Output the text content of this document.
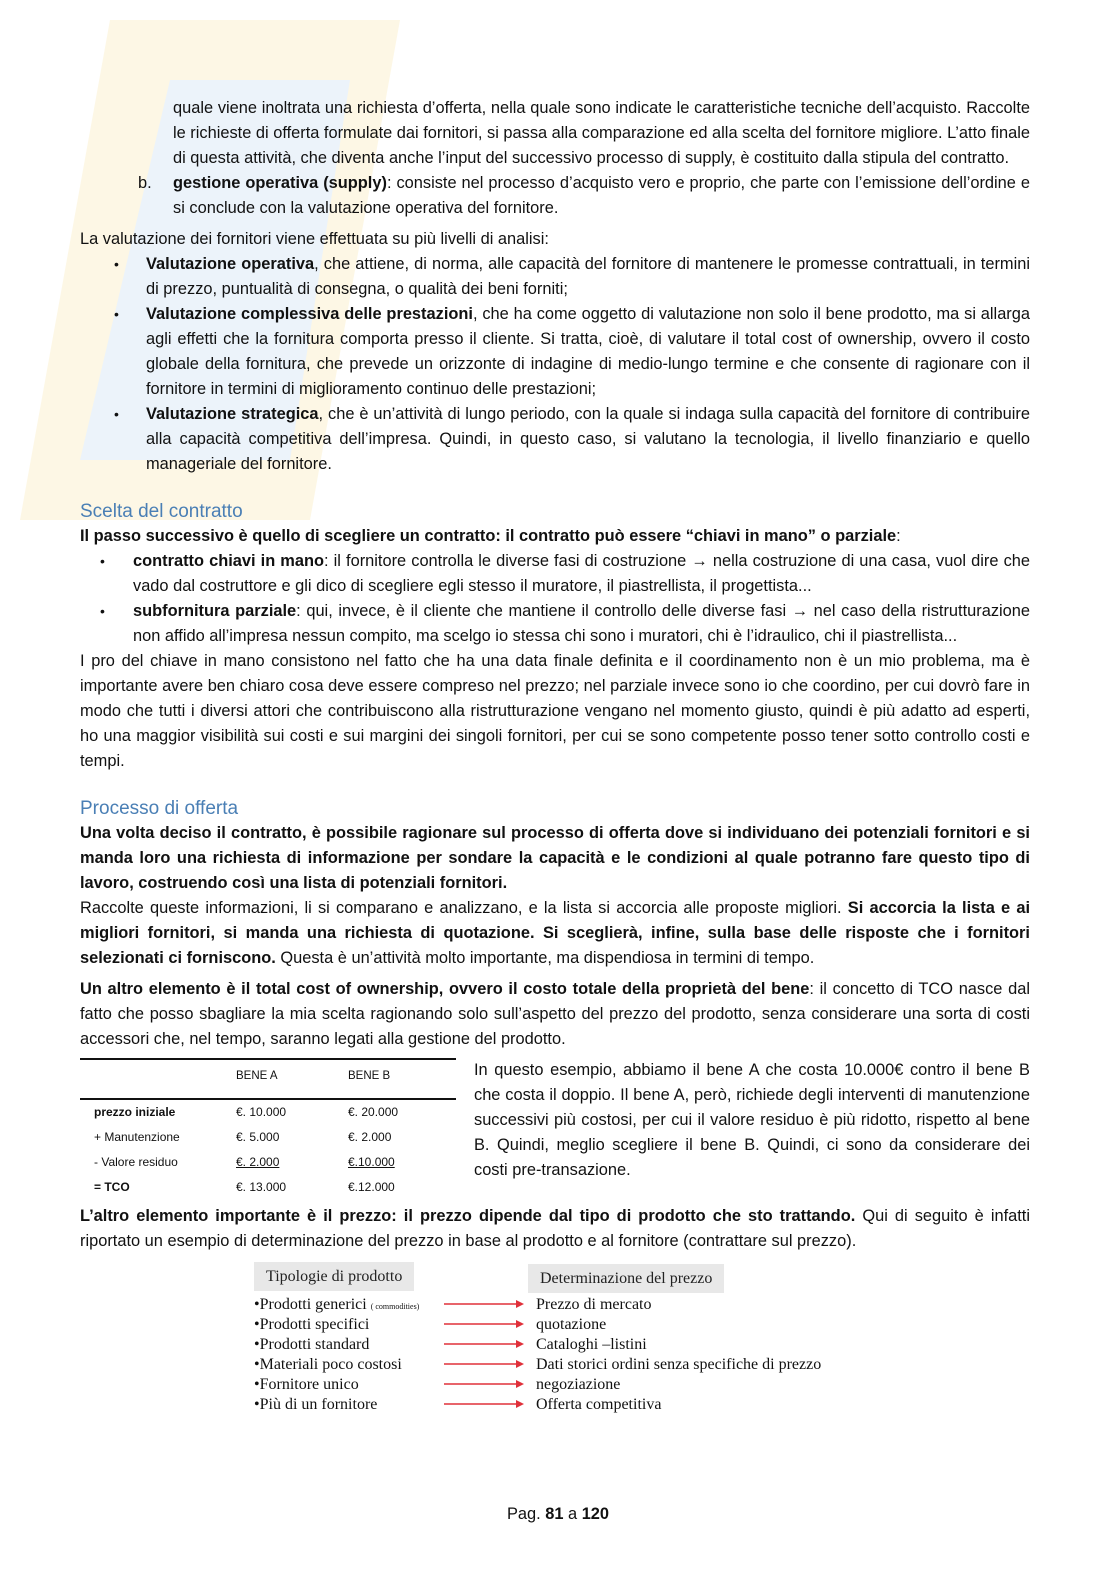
quale viene inoltrata una richiesta d’offerta, nella quale sono indicate le caratteristiche tecniche dell’acquisto. Raccolte le richieste di offerta formulate dai fornitori, si passa alla comparazione ed alla scelta del fornitore migliore. L’atto finale di questa attività, che diventa anche l’input del successivo processo di supply, è costituito dalla stipula del contratto.

b. gestione operativa (supply): consiste nel processo d’acquisto vero e proprio, che parte con l’emissione dell’ordine e si conclude con la valutazione operativa del fornitore.

La valutazione dei fornitori viene effettuata su più livelli di analisi:

• Valutazione operativa, che attiene, di norma, alle capacità del fornitore di mantenere le promesse contrattuali, in termini di prezzo, puntualità di consegna, o qualità dei beni forniti;
• Valutazione complessiva delle prestazioni, che ha come oggetto di valutazione non solo il bene prodotto, ma si allarga agli effetti che la fornitura comporta presso il cliente. Si tratta, cioè, di valutare il total cost of ownership, ovvero il costo globale della fornitura, che prevede un orizzonte di indagine di medio-lungo termine e che consente di ragionare con il fornitore in termini di miglioramento continuo delle prestazioni;
• Valutazione strategica, che è un’attività di lungo periodo, con la quale si indaga sulla capacità del fornitore di contribuire alla capacità competitiva dell’impresa. Quindi, in questo caso, si valutano la tecnologia, il livello finanziario e quello manageriale del fornitore.
Scelta del contratto

Il passo successivo è quello di scegliere un contratto: il contratto può essere “chiavi in mano” o parziale:

• contratto chiavi in mano: il fornitore controlla le diverse fasi di costruzione → nella costruzione di una casa, vuol dire che vado dal costruttore e gli dico di scegliere egli stesso il muratore, il piastrellista, il progettista...
• subfornitura parziale: qui, invece, è il cliente che mantiene il controllo delle diverse fasi → nel caso della ristrutturazione non affido all’impresa nessun compito, ma scelgo io stessa chi sono i muratori, chi è l’idraulico, chi il piastrellista...

I pro del chiave in mano consistono nel fatto che ha una data finale definita e il coordinamento non è un mio problema, ma è importante avere ben chiaro cosa deve essere compreso nel prezzo; nel parziale invece sono io che coordino, per cui dovrò fare in modo che tutti i diversi attori che contribuiscono alla ristrutturazione vengano nel momento giusto, quindi è più adatto ad esperti, ho una maggior visibilità sui costi e sui margini dei singoli fornitori, per cui se sono competente posso tener sotto controllo costi e tempi.

Processo di offerta

Una volta deciso il contratto, è possibile ragionare sul processo di offerta dove si individuano dei potenziali fornitori e si manda loro una richiesta di informazione per sondare la capacità e le condizioni al quale potranno fare questo tipo di lavoro, costruendo così una lista di potenziali fornitori.

Raccolte queste informazioni, li si comparano e analizzano, e la lista si accorcia alle proposte migliori. Si accorcia la lista e ai migliori fornitori, si manda una richiesta di quotazione. Si sceglierà, infine, sulla base delle risposte che i fornitori selezionati ci forniscono. Questa è un’attività molto importante, ma dispendiosa in termini di tempo.

Un altro elemento è il total cost of ownership, ovvero il costo totale della proprietà del bene: il concetto di TCO nasce dal fatto che posso sbagliare la mia scelta ragionando solo sull’aspetto del prezzo del prodotto, senza considerare una sorta di costi accessori che, nel tempo, saranno legati alla gestione del prodotto.

	BENE A	BENE B
prezzo iniziale	€. 10.000	€. 20.000
+ Manutenzione	€. 5.000	€. 2.000
- Valore residuo	€. 2.000	€.10.000
= TCO	€. 13.000	€.12.000

In questo esempio, abbiamo il bene A che costa 10.000€ contro il bene B che costa il doppio. Il bene A, però, richiede degli interventi di manutenzione successivi più costosi, per cui il valore residuo è più ridotto, rispetto al bene B. Quindi, meglio scegliere il bene B. Quindi, ci sono da considerare dei costi pre-transazione.

L’altro elemento importante è il prezzo: il prezzo dipende dal tipo di prodotto che sto trattando. Qui di seguito è infatti riportato un esempio di determinazione del prezzo in base al prodotto e al fornitore (contrattare sul prezzo).

Tipologie di prodotto	Determinazione del prezzo
•Prodotti generici ( commodities)	Prezzo di mercato
•Prodotti specifici	quotazione
•Prodotti standard	Cataloghi –listini
•Materiali poco costosi	Dati storici ordini senza specifiche di prezzo
•Fornitore unico	negoziazione
•Più di un fornitore	Offerta competitiva
Pag. 81 a 120
